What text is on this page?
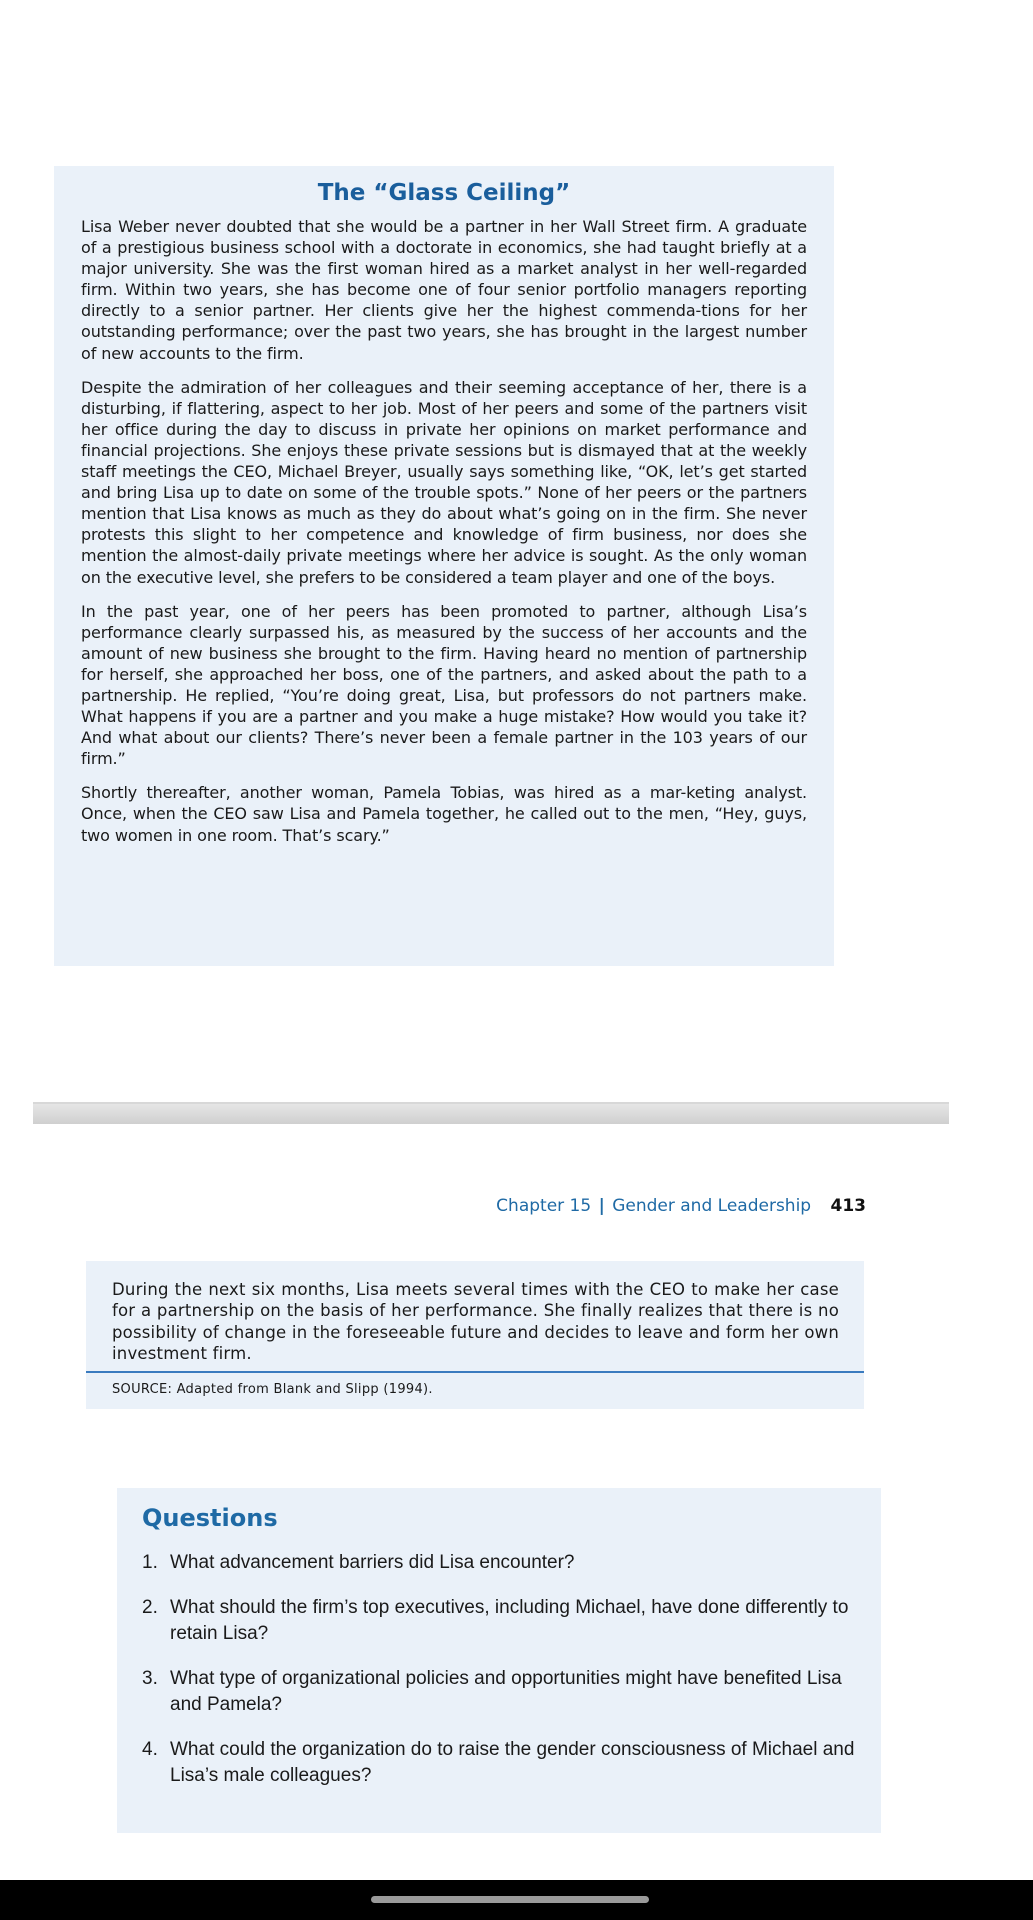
The “Glass Ceiling”

Lisa Weber never doubted that she would be a partner in her Wall Street firm. A graduate of a prestigious business school with a doctorate in economics, she had taught briefly at a major university. She was the first woman hired as a market analyst in her well-regarded firm. Within two years, she has become one of four senior portfolio managers reporting directly to a senior partner. Her clients give her the highest commenda-tions for her outstanding performance; over the past two years, she has brought in the largest number of new accounts to the firm.

Despite the admiration of her colleagues and their seeming acceptance of her, there is a disturbing, if flattering, aspect to her job. Most of her peers and some of the partners visit her office during the day to discuss in private her opinions on market performance and financial projections. She enjoys these private sessions but is dismayed that at the weekly staff meetings the CEO, Michael Breyer, usually says something like, “OK, let’s get started and bring Lisa up to date on some of the trouble spots.” None of her peers or the partners mention that Lisa knows as much as they do about what’s going on in the firm. She never protests this slight to her competence and knowledge of firm business, nor does she mention the almost-daily private meetings where her advice is sought. As the only woman on the executive level, she prefers to be considered a team player and one of the boys.

In the past year, one of her peers has been promoted to partner, although Lisa’s performance clearly surpassed his, as measured by the success of her accounts and the amount of new business she brought to the firm. Having heard no mention of partnership for herself, she approached her boss, one of the partners, and asked about the path to a partnership. He replied, “You’re doing great, Lisa, but professors do not partners make. What happens if you are a partner and you make a huge mistake? How would you take it? And what about our clients? There’s never been a female partner in the 103 years of our firm.”

Shortly thereafter, another woman, Pamela Tobias, was hired as a mar-keting analyst. Once, when the CEO saw Lisa and Pamela together, he called out to the men, “Hey, guys, two women in one room. That’s scary.”

Chapter 15 | Gender and Leadership 413

During the next six months, Lisa meets several times with the CEO to make her case for a partnership on the basis of her performance. She finally realizes that there is no possibility of change in the foreseeable future and decides to leave and form her own investment firm.

SOURCE: Adapted from Blank and Slipp (1994).
Questions
1. What advancement barriers did Lisa encounter?
2. What should the firm’s top executives, including Michael, have done differently to retain Lisa?
3. What type of organizational policies and opportunities might have benefited Lisa and Pamela?
4. What could the organization do to raise the gender consciousness of Michael and Lisa’s male colleagues?
